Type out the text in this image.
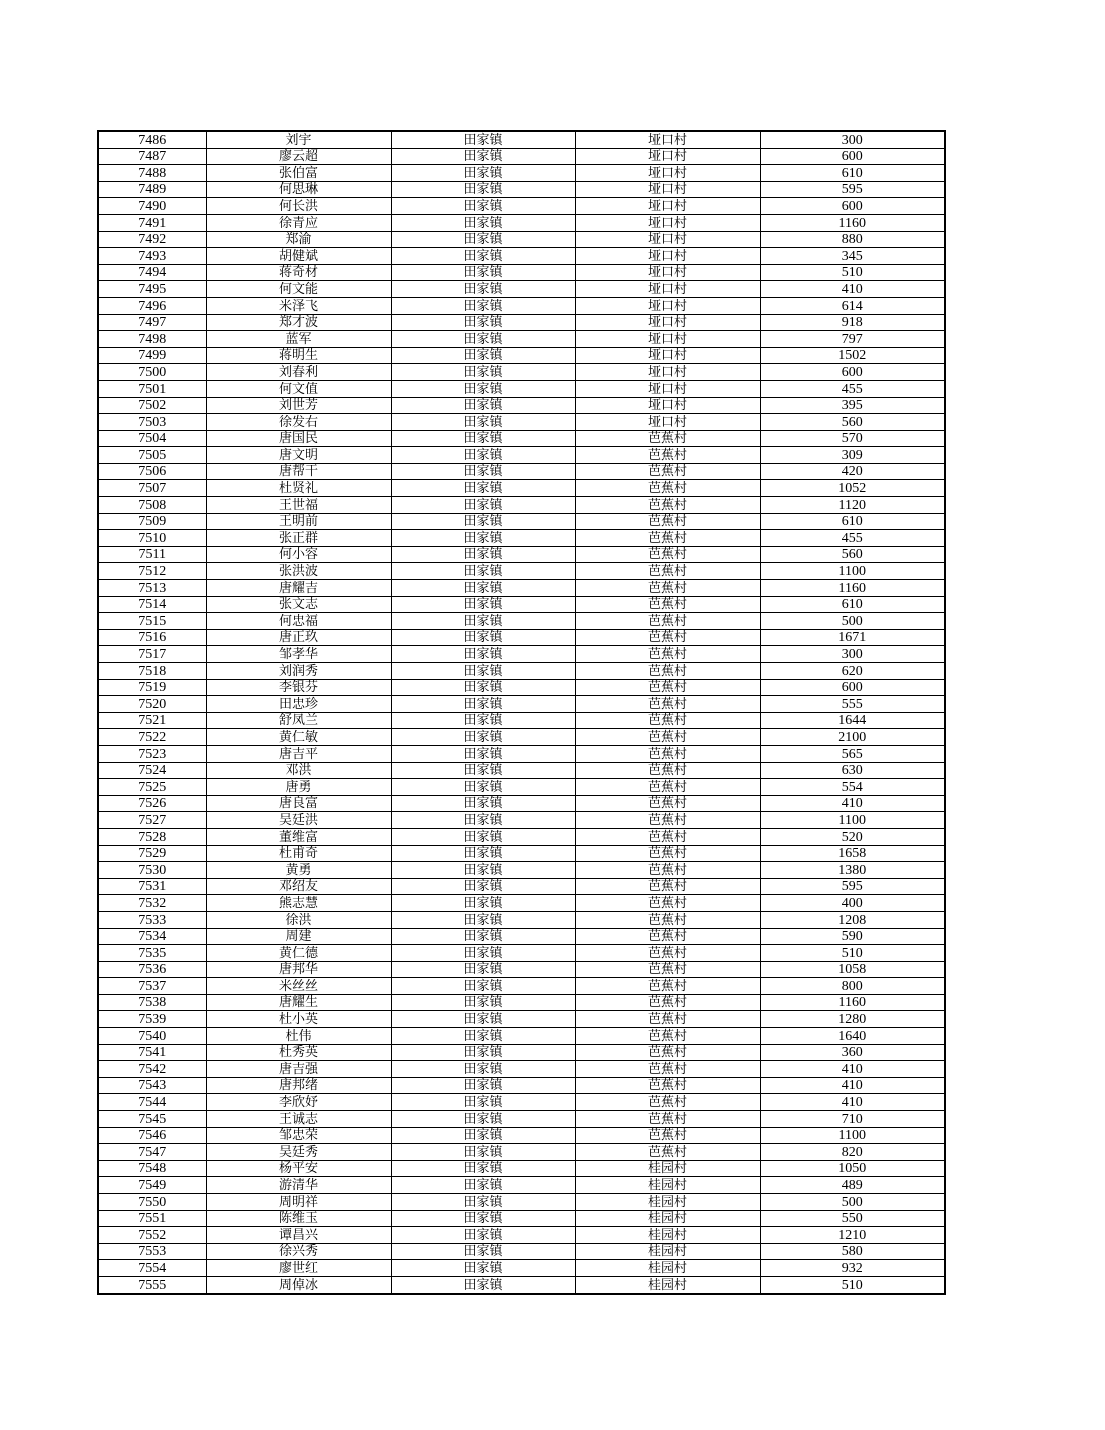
7486	刘宇	田家镇	垭口村	300
7487	廖云超	田家镇	垭口村	600
7488	张伯富	田家镇	垭口村	610
7489	何思琳	田家镇	垭口村	595
7490	何长洪	田家镇	垭口村	600
7491	徐青应	田家镇	垭口村	1160
7492	郑渝	田家镇	垭口村	880
7493	胡健斌	田家镇	垭口村	345
7494	蒋奇材	田家镇	垭口村	510
7495	何文能	田家镇	垭口村	410
7496	米泽飞	田家镇	垭口村	614
7497	郑才波	田家镇	垭口村	918
7498	蓝军	田家镇	垭口村	797
7499	蒋明生	田家镇	垭口村	1502
7500	刘春利	田家镇	垭口村	600
7501	何文值	田家镇	垭口村	455
7502	刘世芳	田家镇	垭口村	395
7503	徐发右	田家镇	垭口村	560
7504	唐国民	田家镇	芭蕉村	570
7505	唐文明	田家镇	芭蕉村	309
7506	唐帮干	田家镇	芭蕉村	420
7507	杜贤礼	田家镇	芭蕉村	1052
7508	王世福	田家镇	芭蕉村	1120
7509	王明前	田家镇	芭蕉村	610
7510	张正群	田家镇	芭蕉村	455
7511	何小容	田家镇	芭蕉村	560
7512	张洪波	田家镇	芭蕉村	1100
7513	唐耀吉	田家镇	芭蕉村	1160
7514	张文志	田家镇	芭蕉村	610
7515	何忠福	田家镇	芭蕉村	500
7516	唐正玖	田家镇	芭蕉村	1671
7517	邹孝华	田家镇	芭蕉村	300
7518	刘润秀	田家镇	芭蕉村	620
7519	李银芬	田家镇	芭蕉村	600
7520	田忠珍	田家镇	芭蕉村	555
7521	舒凤兰	田家镇	芭蕉村	1644
7522	黄仁敏	田家镇	芭蕉村	2100
7523	唐吉平	田家镇	芭蕉村	565
7524	邓洪	田家镇	芭蕉村	630
7525	唐勇	田家镇	芭蕉村	554
7526	唐良富	田家镇	芭蕉村	410
7527	吴廷洪	田家镇	芭蕉村	1100
7528	董维富	田家镇	芭蕉村	520
7529	杜甫奇	田家镇	芭蕉村	1658
7530	黄勇	田家镇	芭蕉村	1380
7531	邓绍友	田家镇	芭蕉村	595
7532	熊志慧	田家镇	芭蕉村	400
7533	徐洪	田家镇	芭蕉村	1208
7534	周建	田家镇	芭蕉村	590
7535	黄仁德	田家镇	芭蕉村	510
7536	唐邦华	田家镇	芭蕉村	1058
7537	米丝丝	田家镇	芭蕉村	800
7538	唐耀生	田家镇	芭蕉村	1160
7539	杜小英	田家镇	芭蕉村	1280
7540	杜伟	田家镇	芭蕉村	1640
7541	杜秀英	田家镇	芭蕉村	360
7542	唐吉强	田家镇	芭蕉村	410
7543	唐邦绪	田家镇	芭蕉村	410
7544	李欣妤	田家镇	芭蕉村	410
7545	王诚志	田家镇	芭蕉村	710
7546	邹忠荣	田家镇	芭蕉村	1100
7547	吴廷秀	田家镇	芭蕉村	820
7548	杨平安	田家镇	桂园村	1050
7549	游清华	田家镇	桂园村	489
7550	周明祥	田家镇	桂园村	500
7551	陈维玉	田家镇	桂园村	550
7552	谭昌兴	田家镇	桂园村	1210
7553	徐兴秀	田家镇	桂园村	580
7554	廖世红	田家镇	桂园村	932
7555	周倬冰	田家镇	桂园村	510
